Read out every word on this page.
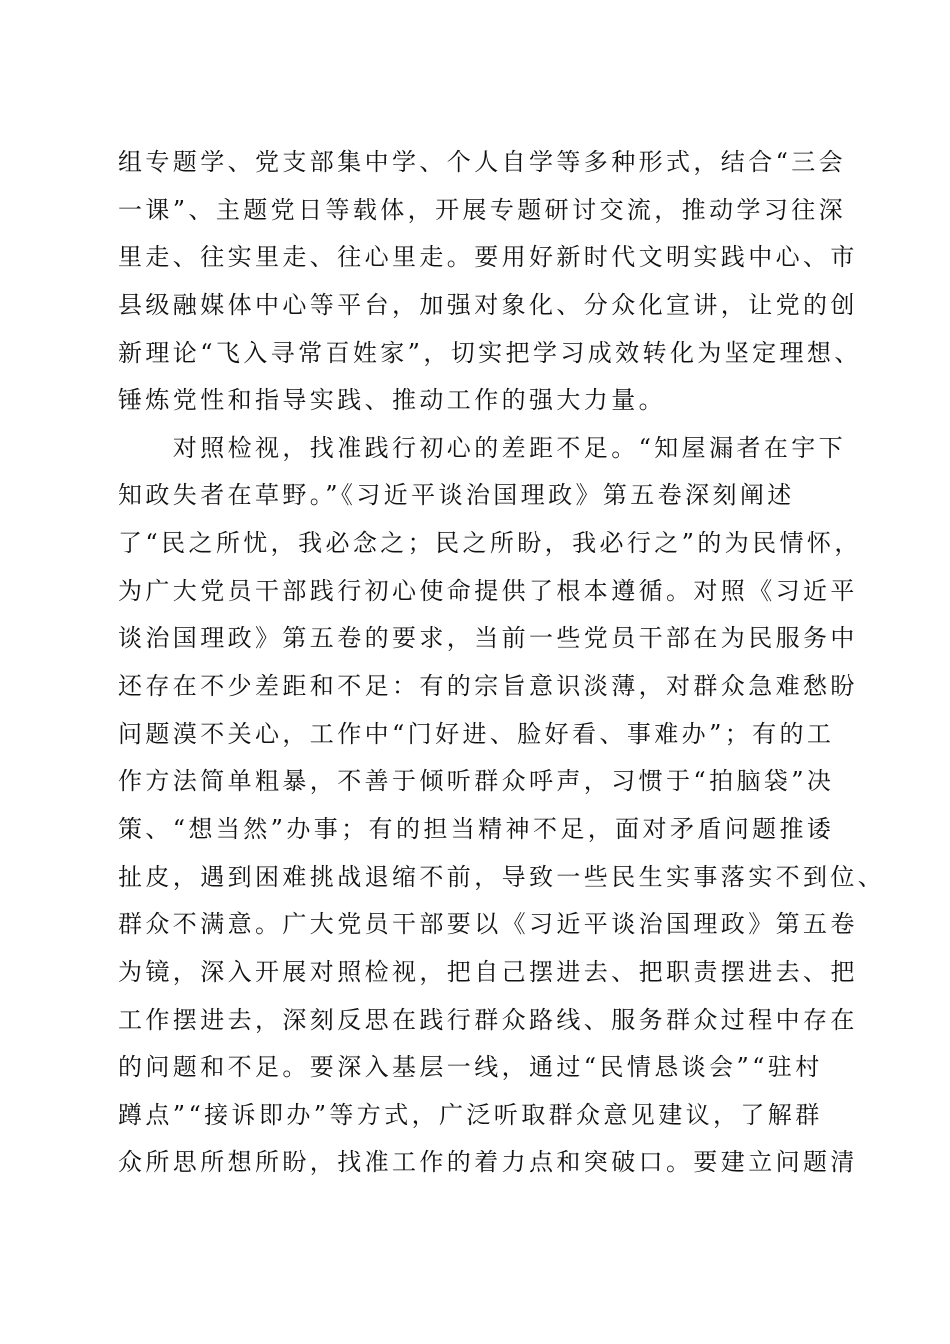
组专题学、党支部集中学、个人自学等多种形式，结合“三会
一课”、主题党日等载体，开展专题研讨交流，推动学习往深
里走、往实里走、往心里走。要用好新时代文明实践中心、市
县级融媒体中心等平台，加强对象化、分众化宣讲，让党的创
新理论“飞入寻常百姓家”，切实把学习成效转化为坚定理想、
锤炼党性和指导实践、推动工作的强大力量。
　　对照检视，找准践行初心的差距不足。“知屋漏者在宇下
知政失者在草野。”《习近平谈治国理政》第五卷深刻阐述
了“民之所忧，我必念之；民之所盼，我必行之”的为民情怀，
为广大党员干部践行初心使命提供了根本遵循。对照《习近平
谈治国理政》第五卷的要求，当前一些党员干部在为民服务中
还存在不少差距和不足：有的宗旨意识淡薄，对群众急难愁盼
问题漠不关心，工作中“门好进、脸好看、事难办”；有的工
作方法简单粗暴，不善于倾听群众呼声，习惯于“拍脑袋”决
策、“想当然”办事；有的担当精神不足，面对矛盾问题推诿
扯皮，遇到困难挑战退缩不前，导致一些民生实事落实不到位、
群众不满意。广大党员干部要以《习近平谈治国理政》第五卷
为镜，深入开展对照检视，把自己摆进去、把职责摆进去、把
工作摆进去，深刻反思在践行群众路线、服务群众过程中存在
的问题和不足。要深入基层一线，通过“民情恳谈会”“驻村
蹲点”“接诉即办”等方式，广泛听取群众意见建议，了解群
众所思所想所盼，找准工作的着力点和突破口。要建立问题清
